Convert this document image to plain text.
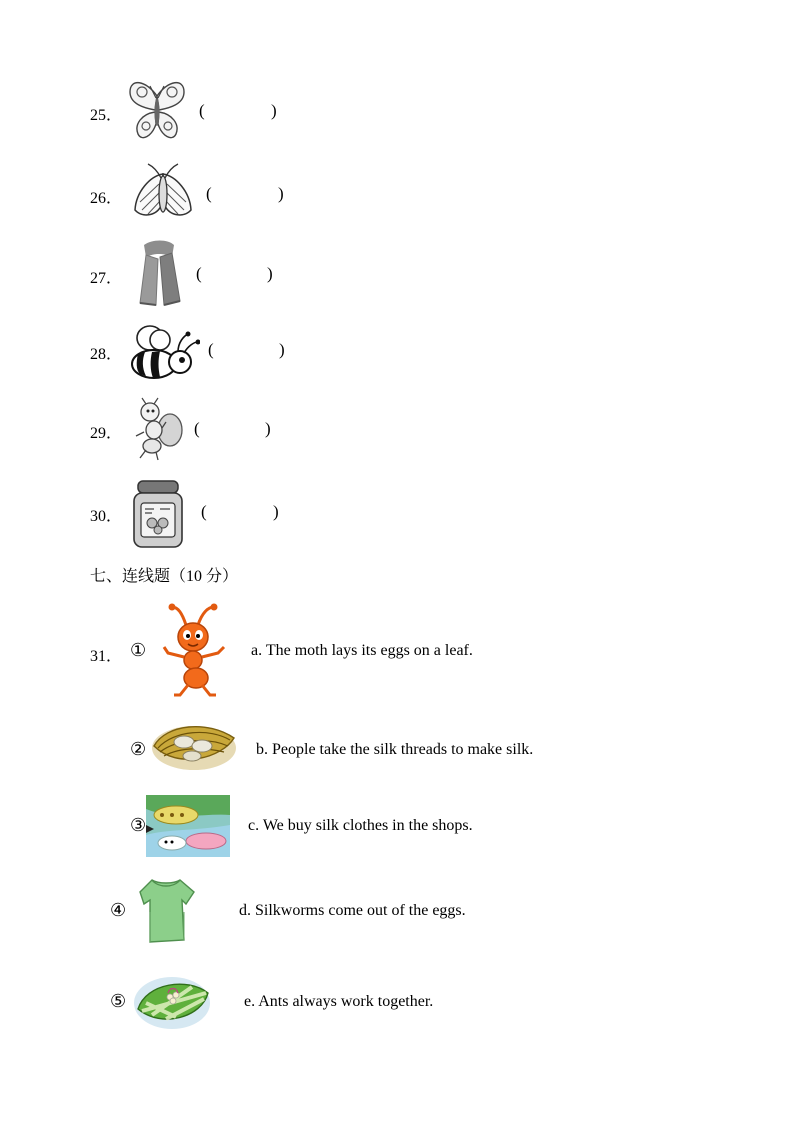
25．	(	)
26．	(	)
27．	(	)
28．	(	)
29．	(	)
30．	(	)
七、连线题（10 分）
31． ①	a. The moth lays its eggs on a leaf.
②	b. People take the silk threads to make silk.
③	c. We buy silk clothes in the shops.
④	d. Silkworms come out of the eggs.
⑤	e. Ants always work together.
